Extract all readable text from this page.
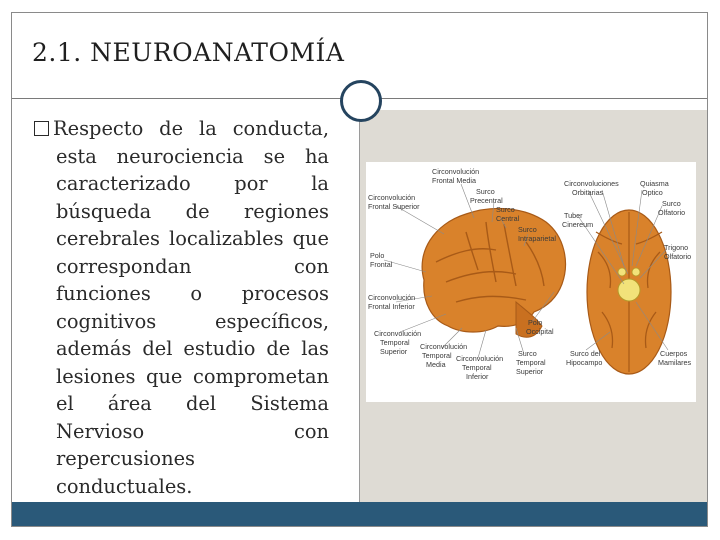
2.1. NEUROANATOMÍA
Respecto de la conducta, esta neurociencia se ha caracterizado por la búsqueda de regiones cerebrales localizables que correspondan con funciones o procesos cognitivos específicos, además del estudio de las lesiones que comprometan el área del Sistema Nervioso con repercusiones conductuales.
Circonvolución Frontal Media
Surco Precentral
Circonvolución Frontal Superior	Surco Central
Surco Intraparietal
Polo Frontal
Circonvolución Frontal Inferior
Polo Occipital
Circonvolución Temporal Superior
Circonvolución Temporal Media
Circonvolución Temporal Inferior
Surco Temporal Superior
Circonvoluciones Orbitarias
Quiasma Optico
Surco Olfatorio
Tuber Cinereum
Trigono Olfatorio
Surco del Hipocampo
Cuerpos Mamilares
